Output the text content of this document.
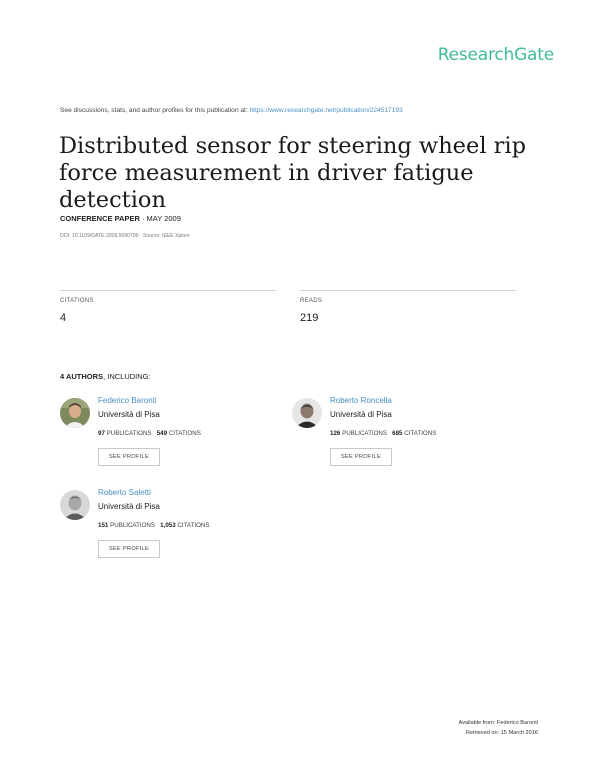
ResearchGate
See discussions, stats, and author profiles for this publication at: https://www.researchgate.net/publication/224517193
Distributed sensor for steering wheel rip force measurement in driver fatigue detection
CONFERENCE PAPER · MAY 2009
DOI: 10.1109/DATE.2009.5090790 · Source: IEEE Xplore
CITATIONS
4
READS
219
4 AUTHORS, INCLUDING:
Federico Baronti
Università di Pisa
97 PUBLICATIONS 549 CITATIONS
SEE PROFILE
Roberto Roncella
Università di Pisa
126 PUBLICATIONS 685 CITATIONS
SEE PROFILE
Roberto Saletti
Università di Pisa
151 PUBLICATIONS 1,053 CITATIONS
SEE PROFILE
Available from: Federico Baronti
Retrieved on: 15 March 2016
